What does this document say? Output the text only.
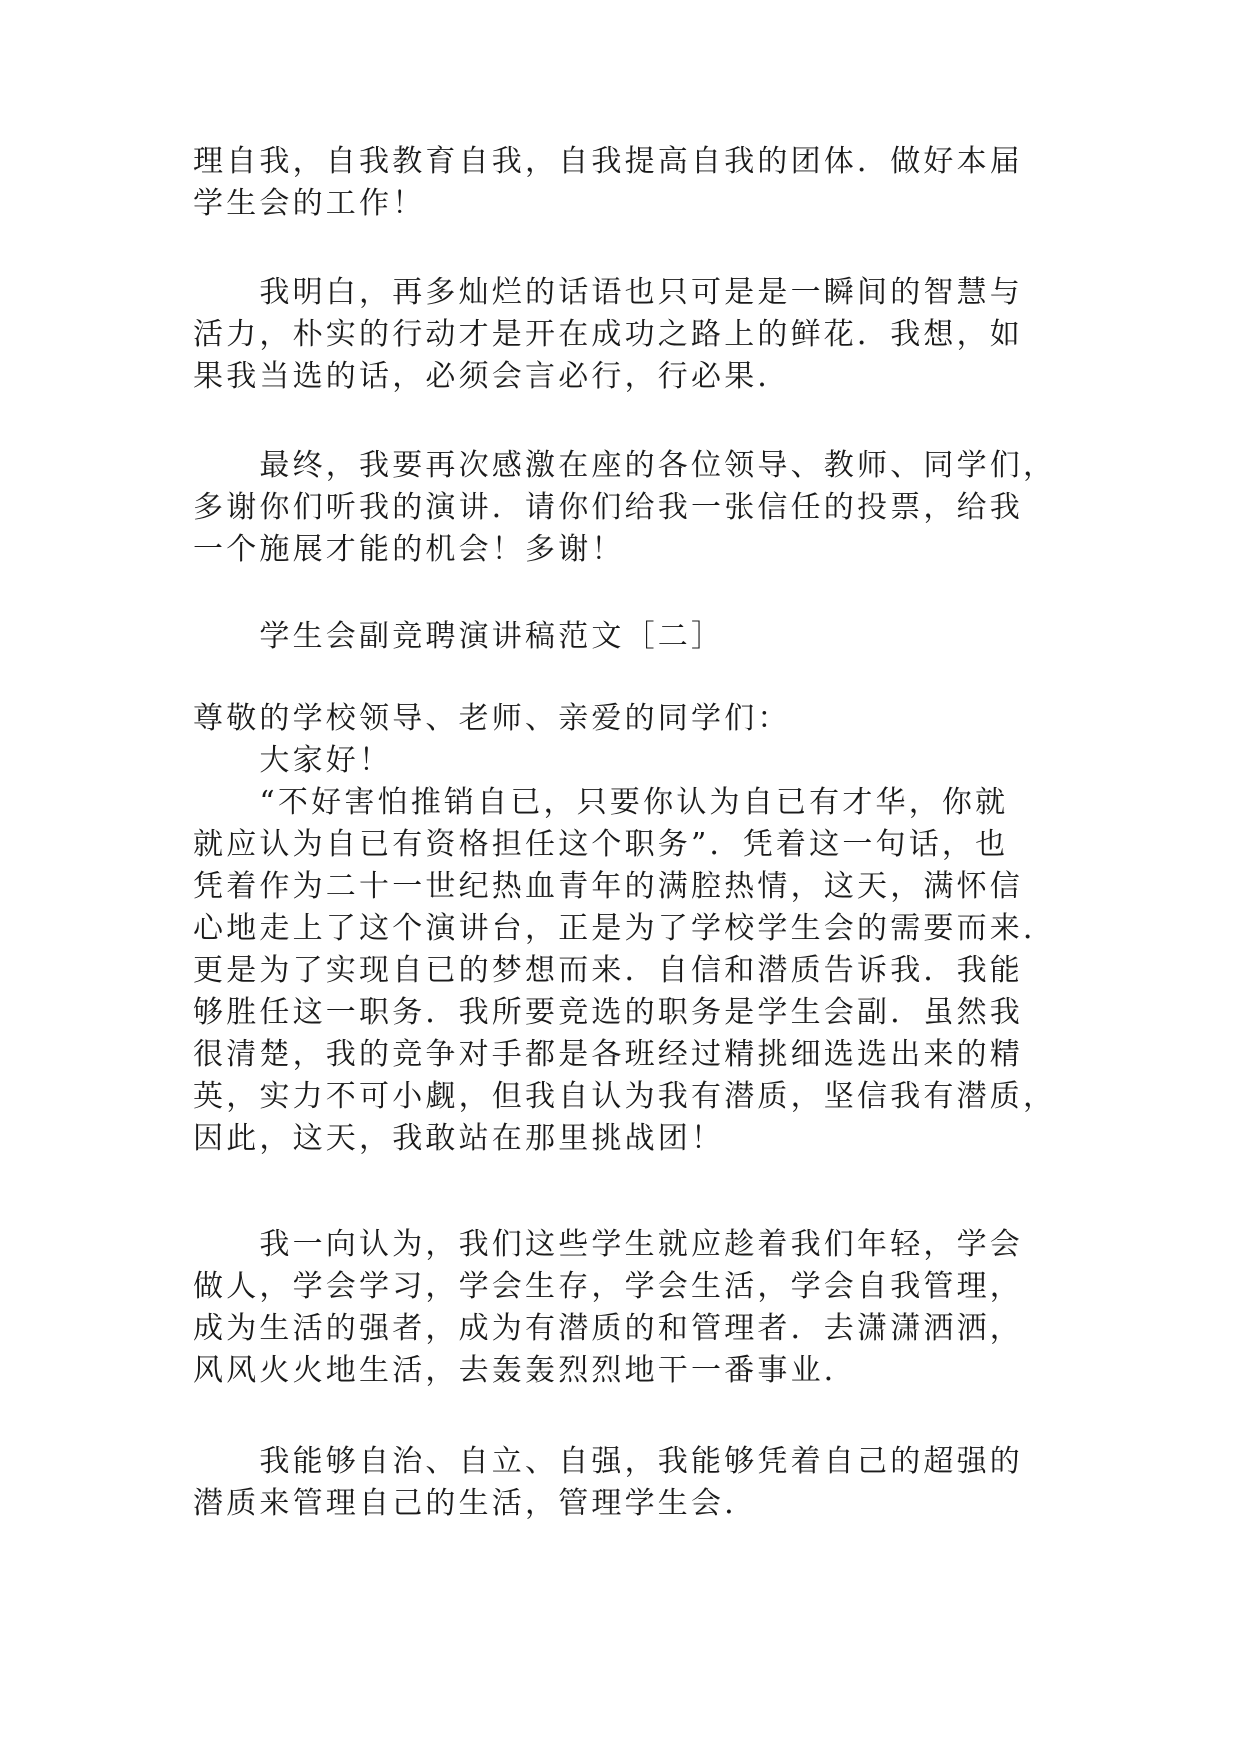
理自我，自我教育自我，自我提高自我的团体．做好本届
学生会的工作！
　　我明白，再多灿烂的话语也只可是是一瞬间的智慧与
活力，朴实的行动才是开在成功之路上的鲜花．我想，如
果我当选的话，必须会言必行，行必果．
　　最终，我要再次感激在座的各位领导、教师、同学们，
多谢你们听我的演讲．请你们给我一张信任的投票，给我
一个施展才能的机会！多谢！
　　学生会副竞聘演讲稿范文［二］
尊敬的学校领导、老师、亲爱的同学们：
　　大家好！
　　“不好害怕推销自已，只要你认为自已有才华，你就
就应认为自已有资格担任这个职务”．凭着这一句话，也
凭着作为二十一世纪热血青年的满腔热情，这天，满怀信
心地走上了这个演讲台，正是为了学校学生会的需要而来．
更是为了实现自已的梦想而来．自信和潜质告诉我．我能
够胜任这一职务．我所要竞选的职务是学生会副．虽然我
很清楚，我的竞争对手都是各班经过精挑细选选出来的精
英，实力不可小觑，但我自认为我有潜质，坚信我有潜质，
因此，这天，我敢站在那里挑战团！
　　我一向认为，我们这些学生就应趁着我们年轻，学会
做人，学会学习，学会生存，学会生活，学会自我管理，
成为生活的强者，成为有潜质的和管理者．去潇潇洒洒，
风风火火地生活，去轰轰烈烈地干一番事业．
　　我能够自治、自立、自强，我能够凭着自己的超强的
潜质来管理自己的生活，管理学生会．
